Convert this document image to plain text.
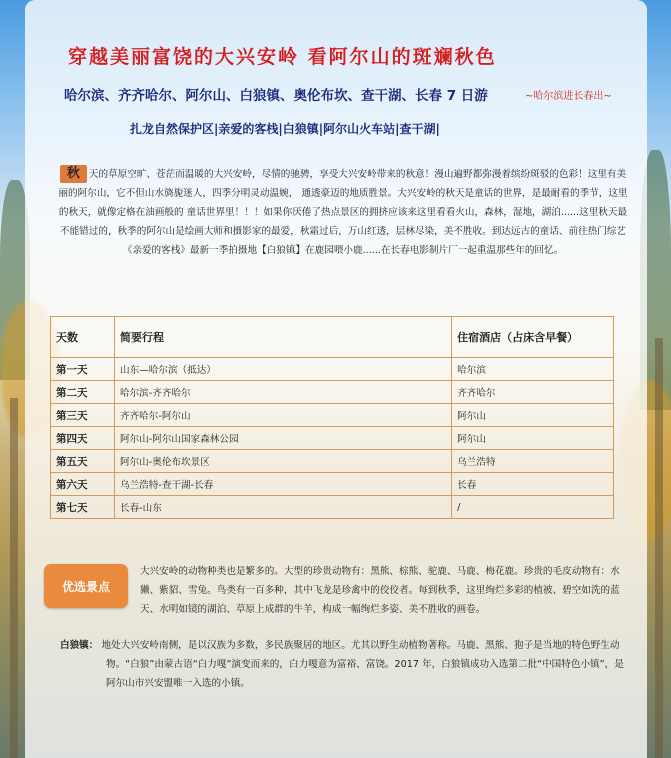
穿越美丽富饶的大兴安岭 看阿尔山的斑斓秋色
哈尔滨、齐齐哈尔、阿尔山、白狼镇、奥伦布坎、查干湖、长春 7 日游	~哈尔滨进长春出~
扎龙自然保护区|亲爱的客栈|白狼镇|阿尔山火车站|查干湖|
秋 天的草原空旷、苍茫而温暖的大兴安岭，尽情的驰骋，享受大兴安岭带来的秋意！漫山遍野都弥漫着缤纷斑驳的色彩！这里有美丽的阿尔山，它不但山水旖旎迷人，四季分明灵动温婉， 通透豪迈的地质胜景。大兴安岭的秋天是童话的世界，是最耐看的季节，这里的秋天，就像定格在油画般的 童话世界里！！！如果你厌倦了热点景区的拥挤应该来这里看看火山，森林，湿地，湖泊......这里秋天最不能错过的，秋季的阿尔山是绘画大师和摄影家的最爱，秋霜过后，万山红透，层林尽染，美不胜收。到达远古的童话、前往热门综艺《亲爱的客栈》最新一季拍摄地【白狼镇】在鹿园喂小鹿......在长春电影制片厂一起重温那些年的回忆。
天数	简要行程	住宿酒店（占床含早餐）
第一天	山东—哈尔滨（抵达）	哈尔滨
第二天	哈尔滨-齐齐哈尔	齐齐哈尔
第三天	齐齐哈尔-阿尔山	阿尔山
第四天	阿尔山-阿尔山国家森林公园	阿尔山
第五天	阿尔山-奥伦布坎景区	乌兰浩特
第六天	乌兰浩特-查干湖-长春	长春
第七天	长春-山东	/
优选景点
大兴安岭的动物种类也是繁多的。大型的珍贵动物有：黑熊、棕熊、驼鹿、马鹿、梅花鹿。珍贵的毛皮动物有：水獭、紫貂、雪兔。鸟类有一百多种，其中飞龙是珍禽中的佼佼者。每到秋季，这里绚烂多彩的植被、碧空如洗的蓝天、水明如镜的湖泊、草原上成群的牛羊，构成一幅绚烂多姿、美不胜收的画卷。
白狼镇： 地处大兴安岭南侧，是以汉族为多数，多民族聚居的地区。尤其以野生动植物著称。马鹿、黑熊、狍子是当地的特色野生动物。“白狼”由蒙古语“白力嘎”演变而来的，白力嘎意为富裕、富饶。2017 年，白狼镇成功入选第二批“中国特色小镇”，是阿尔山市兴安盟唯一入选的小镇。
